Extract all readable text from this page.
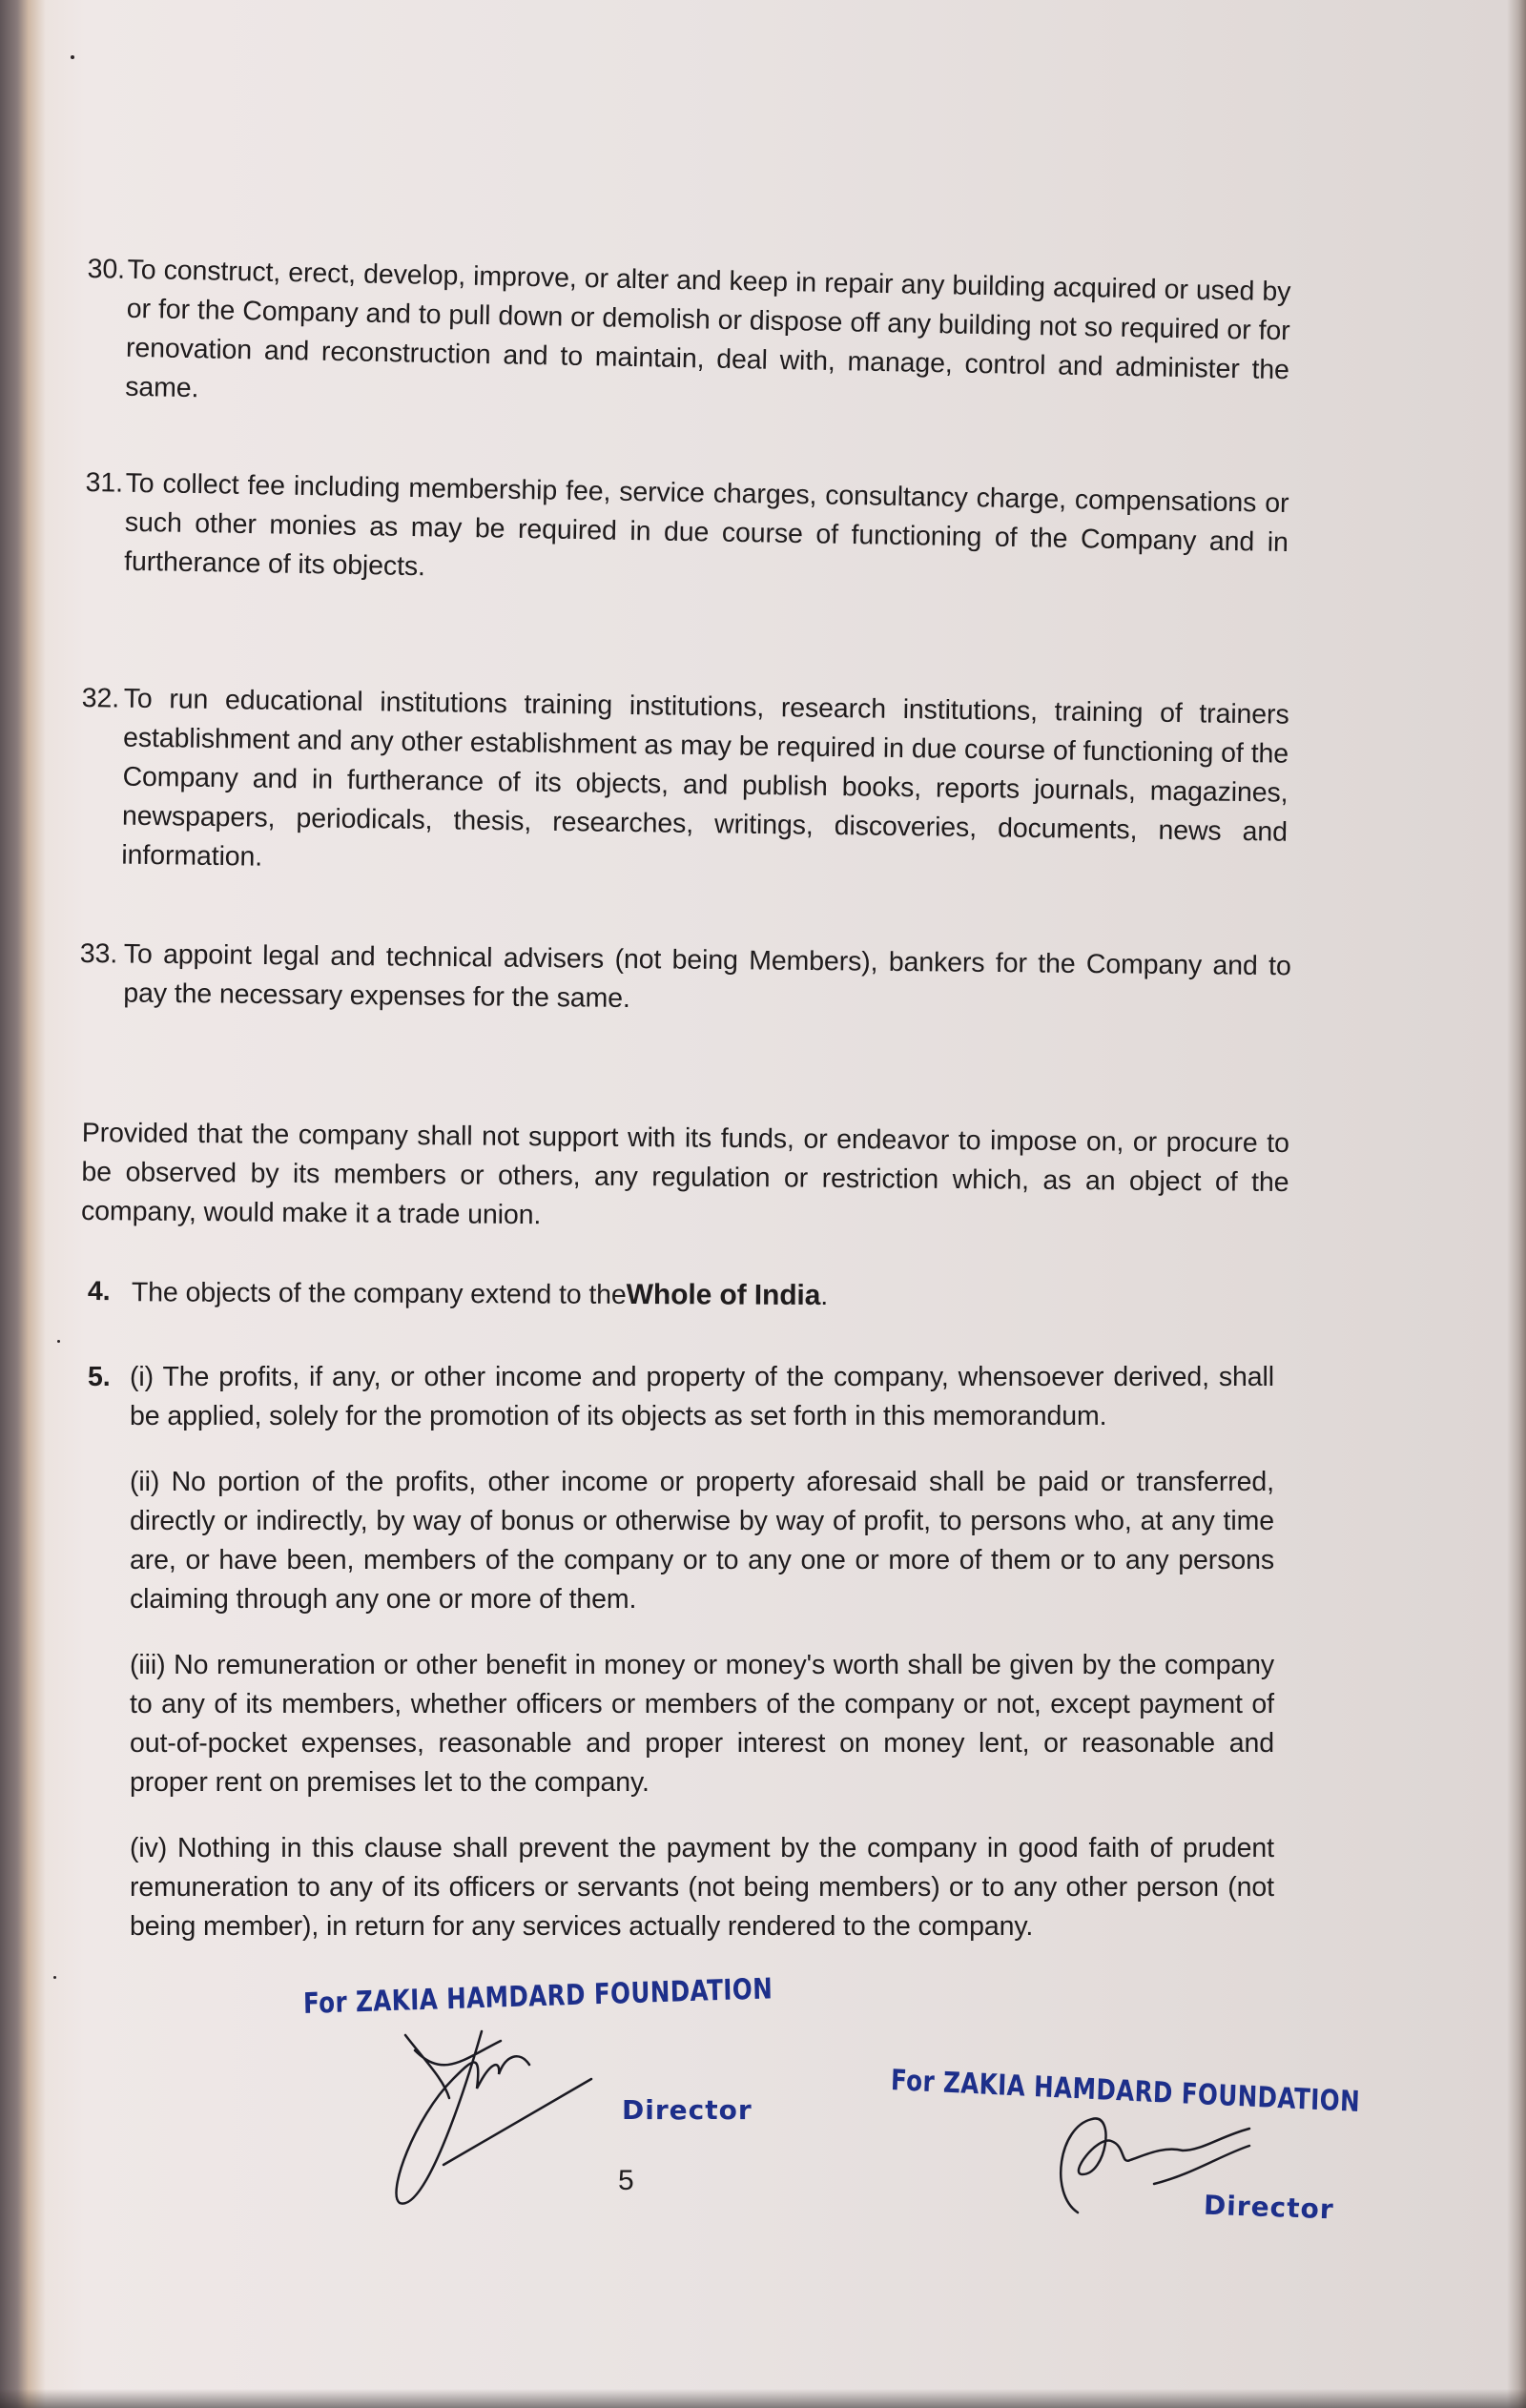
30. To construct, erect, develop, improve, or alter and keep in repair any building acquired or used by or for the Company and to pull down or demolish or dispose off any building not so required or for renovation and reconstruction and to maintain, deal with, manage, control and administer the same.
31. To collect fee including membership fee, service charges, consultancy charge, compensations or such other monies as may be required in due course of functioning of the Company and in furtherance of its objects.
32. To run educational institutions training institutions, research institutions, training of trainers establishment and any other establishment as may be required in due course of functioning of the Company and in furtherance of its objects, and publish books, reports journals, magazines, newspapers, periodicals, thesis, researches, writings, discoveries, documents, news and information.
33. To appoint legal and technical advisers (not being Members), bankers for the Company and to pay the necessary expenses for the same.
Provided that the company shall not support with its funds, or endeavor to impose on, or procure to be observed by its members or others, any regulation or restriction which, as an object of the company, would make it a trade union.
4. The objects of the company extend to theWhole of India.
5. (i) The profits, if any, or other income and property of the company, whensoever derived, shall be applied, solely for the promotion of its objects as set forth in this memorandum.
(ii) No portion of the profits, other income or property aforesaid shall be paid or transferred, directly or indirectly, by way of bonus or otherwise by way of profit, to persons who, at any time are, or have been, members of the company or to any one or more of them or to any persons claiming through any one or more of them.
(iii) No remuneration or other benefit in money or money's worth shall be given by the company to any of its members, whether officers or members of the company or not, except payment of out-of-pocket expenses, reasonable and proper interest on money lent, or reasonable and proper rent on premises let to the company.
(iv) Nothing in this clause shall prevent the payment by the company in good faith of prudent remuneration to any of its officers or servants (not being members) or to any other person (not being member), in return for any services actually rendered to the company.
For ZAKIA HAMDARD FOUNDATION
Director	For ZAKIA HAMDARD FOUNDATION
Director
5
